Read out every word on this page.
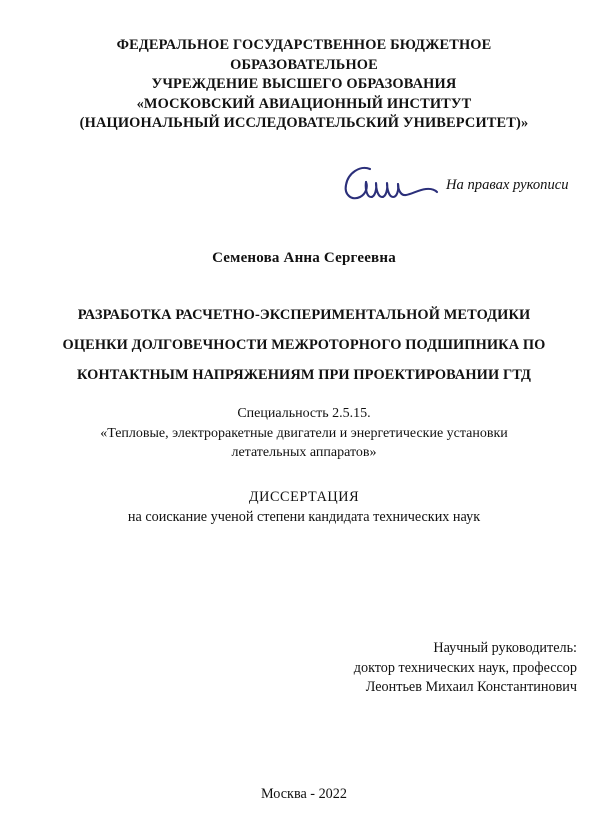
ФЕДЕРАЛЬНОЕ ГОСУДАРСТВЕННОЕ БЮДЖЕТНОЕ
ОБРАЗОВАТЕЛЬНОЕ
УЧРЕЖДЕНИЕ ВЫСШЕГО ОБРАЗОВАНИЯ
«МОСКОВСКИЙ АВИАЦИОННЫЙ ИНСТИТУТ
(НАЦИОНАЛЬНЫЙ ИССЛЕДОВАТЕЛЬСКИЙ УНИВЕРСИТЕТ)»
На правах рукописи
Семенова Анна Сергеевна
РАЗРАБОТКА РАСЧЕТНО-ЭКСПЕРИМЕНТАЛЬНОЙ МЕТОДИКИ
ОЦЕНКИ ДОЛГОВЕЧНОСТИ МЕЖРОТОРНОГО ПОДШИПНИКА ПО
КОНТАКТНЫМ НАПРЯЖЕНИЯМ ПРИ ПРОЕКТИРОВАНИИ ГТД
Специальность 2.5.15.
«Тепловые, электроракетные двигатели и энергетические установки
летательных аппаратов»
ДИССЕРТАЦИЯ
на соискание ученой степени кандидата технических наук
Научный руководитель:
доктор технических наук, профессор
Леонтьев Михаил Константинович
Москва - 2022
